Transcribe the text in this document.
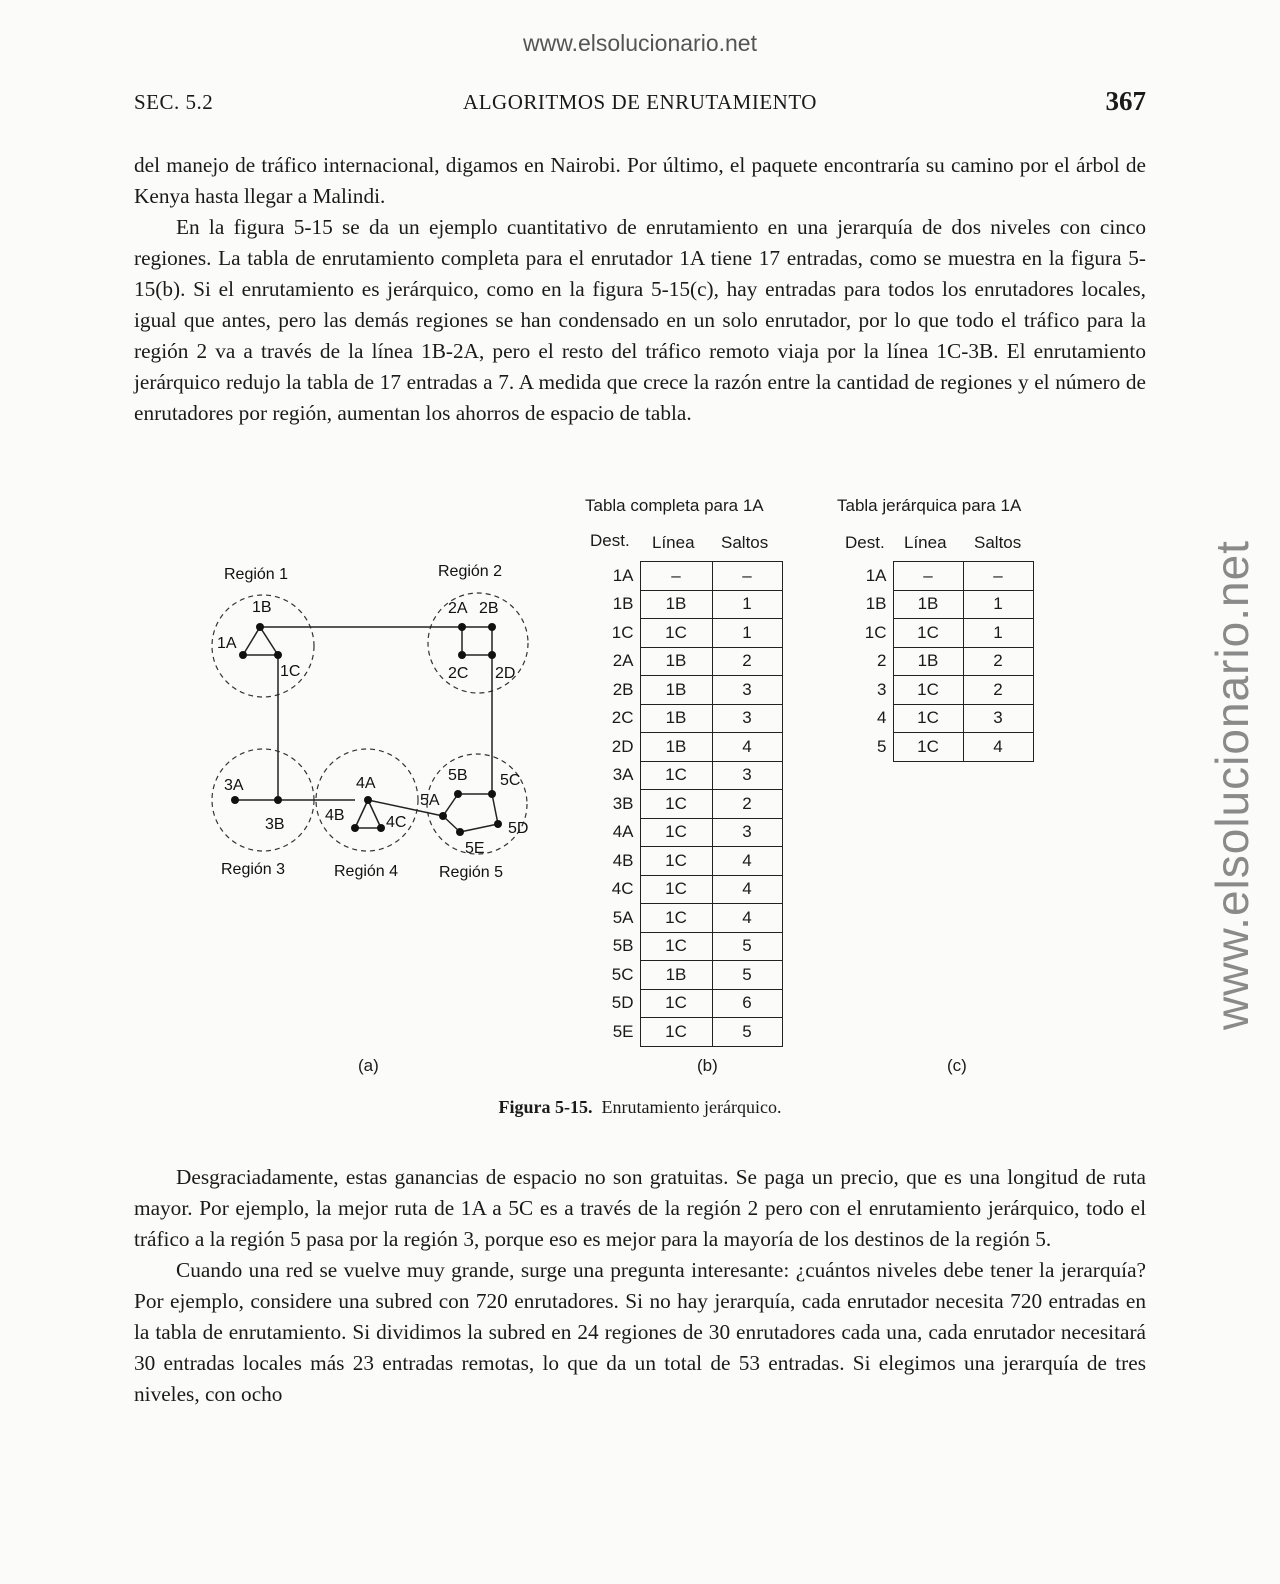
www.elsolucionario.net
www.elsolucionario.net
SEC. 5.2	ALGORITMOS DE ENRUTAMIENTO	367

del manejo de tráfico internacional, digamos en Nairobi. Por último, el paquete encontraría su camino por el árbol de Kenya hasta llegar a Malindi.

En la figura 5-15 se da un ejemplo cuantitativo de enrutamiento en una jerarquía de dos niveles con cinco regiones. La tabla de enrutamiento completa para el enrutador 1A tiene 17 entradas, como se muestra en la figura 5-15(b). Si el enrutamiento es jerárquico, como en la figura 5-15(c), hay entradas para todos los enrutadores locales, igual que antes, pero las demás regiones se han condensado en un solo enrutador, por lo que todo el tráfico para la región 2 va a través de la línea 1B-2A, pero el resto del tráfico remoto viaja por la línea 1C-3B. El enrutamiento jerárquico redujo la tabla de 17 entradas a 7. A medida que crece la razón entre la cantidad de regiones y el número de enrutadores por región, aumentan los ahorros de espacio de tabla.

Región 1	Región 2
Región 3	Región 4	Región 5
1A
1B
1C
2A 2B
2C 2D
3A
3B
4A
4B	4C
5A
5B 5C
5D
5E
Tabla completa para 1A
Dest. Línea Saltos
1A	–	–
1B	1B	1
1C	1C	1
2A	1B	2
2B	1B	3
2C	1B	3
2D	1B	4
3A	1C	3
3B	1C	2
4A	1C	3
4B	1C	4
4C	1C	4
5A	1C	4
5B	1C	5
5C	1B	5
5D	1C	6
5E	1C	5
Tabla jerárquica para 1A
Dest. Línea Saltos
1A	–	–
1B	1B	1
1C	1C	1
2	1B	2
3	1C	2
4	1C	3
5	1C	4
(a)	(b)	(c)
Figura 5-15. Enrutamiento jerárquico.

Desgraciadamente, estas ganancias de espacio no son gratuitas. Se paga un precio, que es una longitud de ruta mayor. Por ejemplo, la mejor ruta de 1A a 5C es a través de la región 2 pero con el enrutamiento jerárquico, todo el tráfico a la región 5 pasa por la región 3, porque eso es mejor para la mayoría de los destinos de la región 5.

Cuando una red se vuelve muy grande, surge una pregunta interesante: ¿cuántos niveles debe tener la jerarquía? Por ejemplo, considere una subred con 720 enrutadores. Si no hay jerarquía, cada enrutador necesita 720 entradas en la tabla de enrutamiento. Si dividimos la subred en 24 regiones de 30 enrutadores cada una, cada enrutador necesitará 30 entradas locales más 23 entradas remotas, lo que da un total de 53 entradas. Si elegimos una jerarquía de tres niveles, con ocho
